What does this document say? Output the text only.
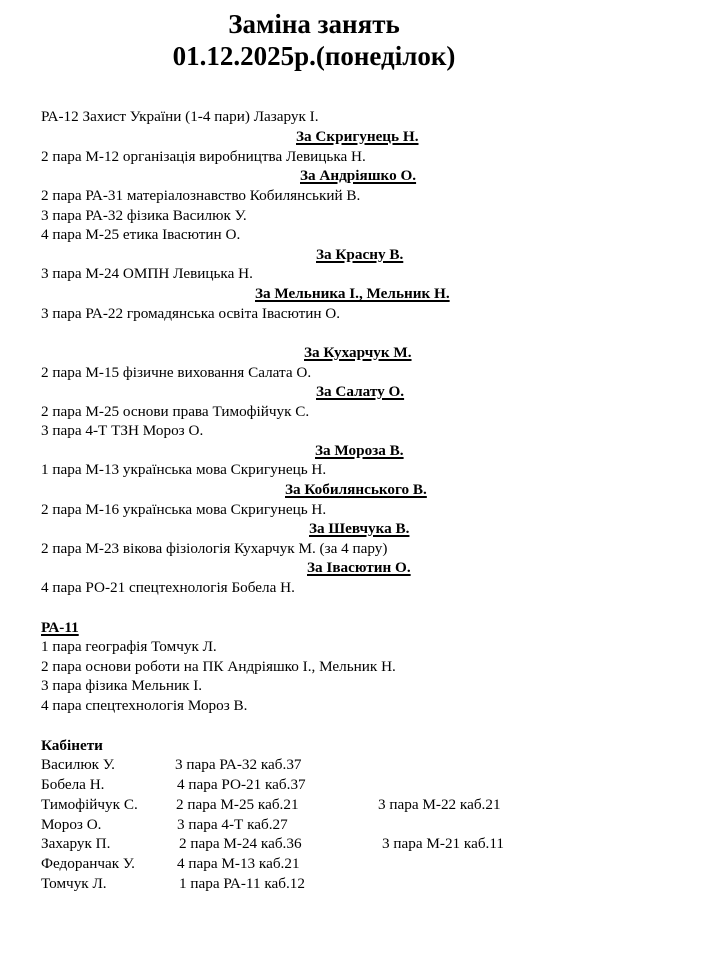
Заміна занять
01.12.2025р.(понеділок)
РА-12 Захист України (1-4 пари) Лазарук І.
За Скригунець Н.
2 пара М-12 організація виробництва Левицька Н.
За Андріяшко О.
2 пара РА-31 матеріалознавство Кобилянський В.
3 пара РА-32 фізика Василюк У.
4 пара М-25 етика Івасютин О.
За Красну В.
3 пара М-24 ОМПН Левицька Н.
За Мельника І., Мельник Н.
3 пара РА-22 громадянська освіта Івасютин О.
За Кухарчук М.
2 пара М-15 фізичне виховання Салата О.
За Салату О.
2 пара М-25 основи права Тимофійчук С.
3 пара 4-Т ТЗН Мороз О.
За Мороза В.
1 пара М-13 українська мова Скригунець Н.
За Кобилянського В.
2 пара М-16 українська мова Скригунець Н.
За Шевчука В.
2 пара М-23 вікова фізіологія Кухарчук М. (за 4 пару)
За Івасютин О.
4 пара РО-21 спецтехнологія Бобела Н.
РА-11
1 пара географія Томчук Л.
2 пара основи роботи на ПК Андріяшко І., Мельник Н.
3 пара фізика Мельник І.
4 пара спецтехнологія Мороз В.
Кабінети
Василюк У.	3 пара РА-32 каб.37
Бобела Н.	4 пара РО-21 каб.37
Тимофійчук С.	2 пара М-25 каб.21	3 пара М-22 каб.21
Мороз О.	3 пара 4-Т каб.27
Захарук П.	2 пара М-24 каб.36	3 пара М-21 каб.11
Федоранчак У.	4 пара М-13 каб.21
Томчук Л.	1 пара РА-11 каб.12
